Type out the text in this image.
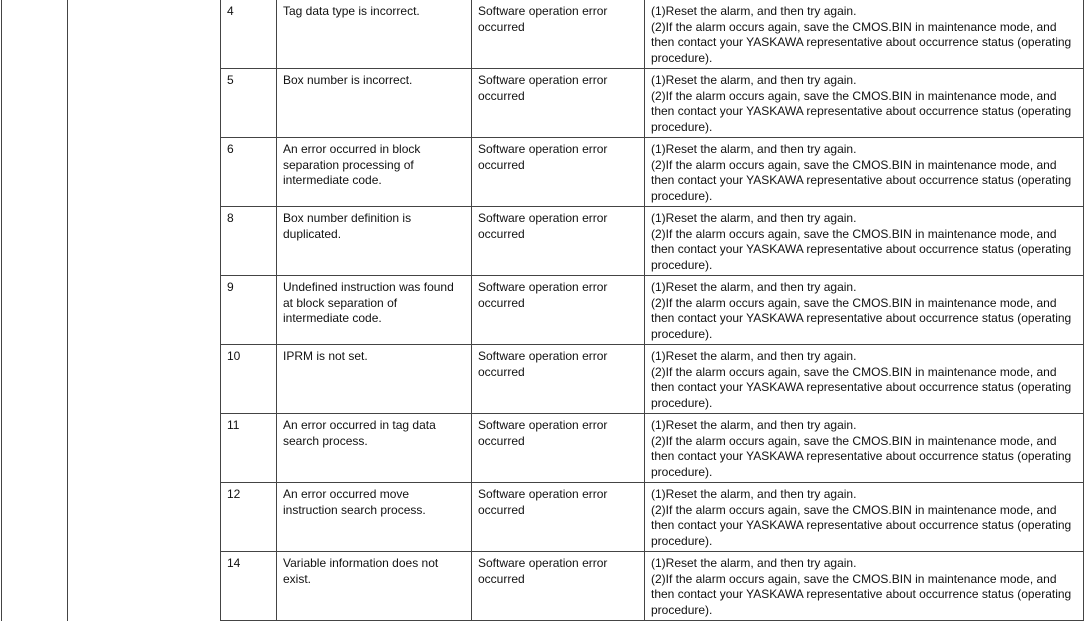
		4	Tag data type is incorrect.	Software operation error occurred	(1)Reset the alarm, and then try again.
(2)If the alarm occurs again, save the CMOS.BIN in maintenance mode, and then contact your YASKAWA representative about occurrence status (operating procedure).

		5	Box number is incorrect.	Software operation error occurred	(1)Reset the alarm, and then try again.
(2)If the alarm occurs again, save the CMOS.BIN in maintenance mode, and then contact your YASKAWA representative about occurrence status (operating procedure).

		6	An error occurred in block separation processing of intermediate code.	Software operation error occurred	(1)Reset the alarm, and then try again.
(2)If the alarm occurs again, save the CMOS.BIN in maintenance mode, and then contact your YASKAWA representative about occurrence status (operating procedure).

		8	Box number definition is duplicated.	Software operation error occurred	(1)Reset the alarm, and then try again.
(2)If the alarm occurs again, save the CMOS.BIN in maintenance mode, and then contact your YASKAWA representative about occurrence status (operating procedure).

		9	Undefined instruction was found at block separation of intermediate code.	Software operation error occurred	(1)Reset the alarm, and then try again.
(2)If the alarm occurs again, save the CMOS.BIN in maintenance mode, and then contact your YASKAWA representative about occurrence status (operating procedure).

		10	IPRM is not set.	Software operation error occurred	(1)Reset the alarm, and then try again.
(2)If the alarm occurs again, save the CMOS.BIN in maintenance mode, and then contact your YASKAWA representative about occurrence status (operating procedure).

		11	An error occurred in tag data search process.	Software operation error occurred	(1)Reset the alarm, and then try again.
(2)If the alarm occurs again, save the CMOS.BIN in maintenance mode, and then contact your YASKAWA representative about occurrence status (operating procedure).

		12	An error occurred move instruction search process.	Software operation error occurred	(1)Reset the alarm, and then try again.
(2)If the alarm occurs again, save the CMOS.BIN in maintenance mode, and then contact your YASKAWA representative about occurrence status (operating procedure).

		14	Variable information does not exist.	Software operation error occurred	(1)Reset the alarm, and then try again.
(2)If the alarm occurs again, save the CMOS.BIN in maintenance mode, and then contact your YASKAWA representative about occurrence status (operating procedure).
